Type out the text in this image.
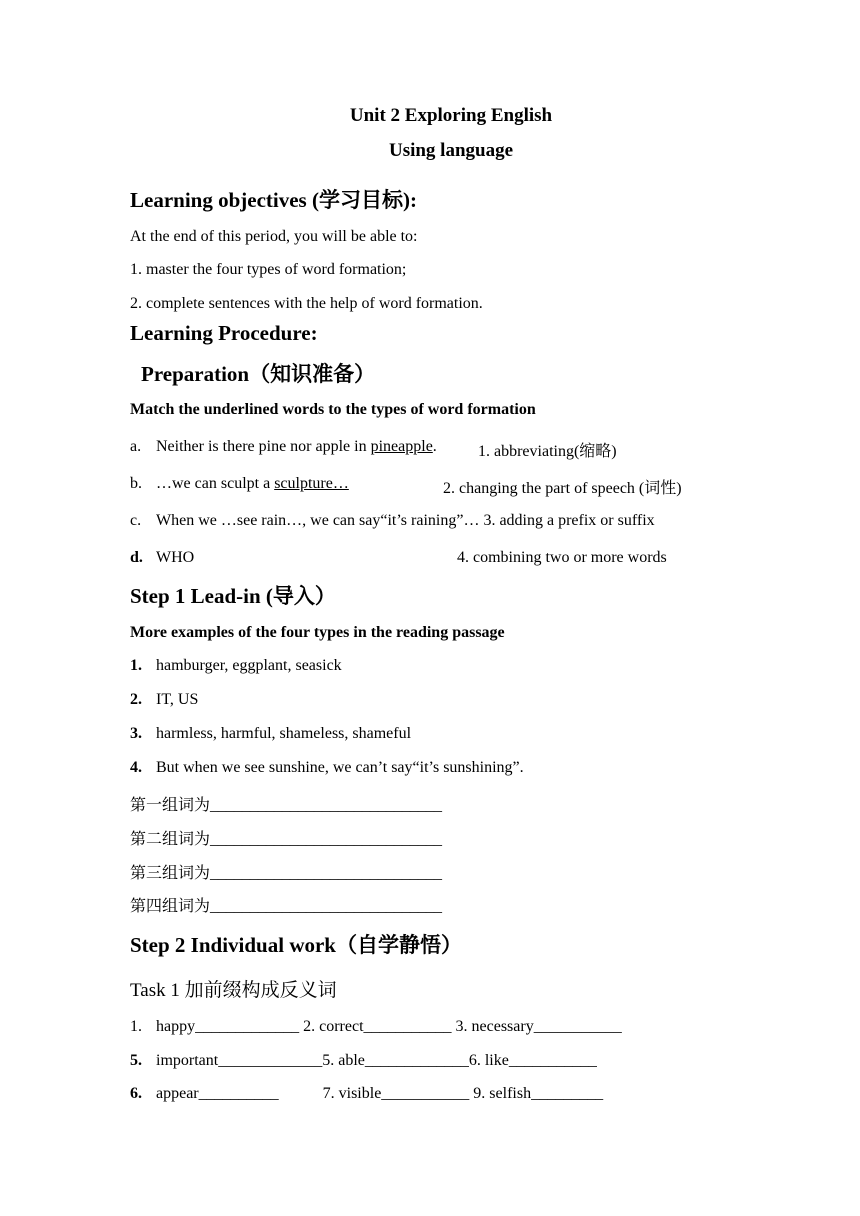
Unit 2 Exploring English
Using language
Learning objectives (学习目标):
At the end of this period, you will be able to:
1. master the four types of word formation;
2. complete sentences with the help of word formation.
Learning Procedure:
Preparation（知识准备）
Match the underlined words to the types of word formation
a. Neither is there pine nor apple in pineapple.	1. abbreviating(缩略)
b. …we can sculpt a sculpture…	2. changing the part of speech (词性)
c. When we …see rain…, we can say“it’s raining”… 3. adding a prefix or suffix
d. WHO	4. combining two or more words
Step 1 Lead-in (导入）
More examples of the four types in the reading passage
1. hamburger, eggplant, seasick
2. IT, US
3. harmless, harmful, shameless, shameful
4. But when we see sunshine, we can’t say“it’s sunshining”.
第一组词为_____________________________
第二组词为_____________________________
第三组词为_____________________________
第四组词为_____________________________
Step 2 Individual work（自学静悟）
Task 1 加前缀构成反义词
1. happy_____________ 2. correct___________ 3. necessary___________
5. important_____________5. able_____________6. like___________
6. appear__________           7. visible___________ 9. selfish_________
